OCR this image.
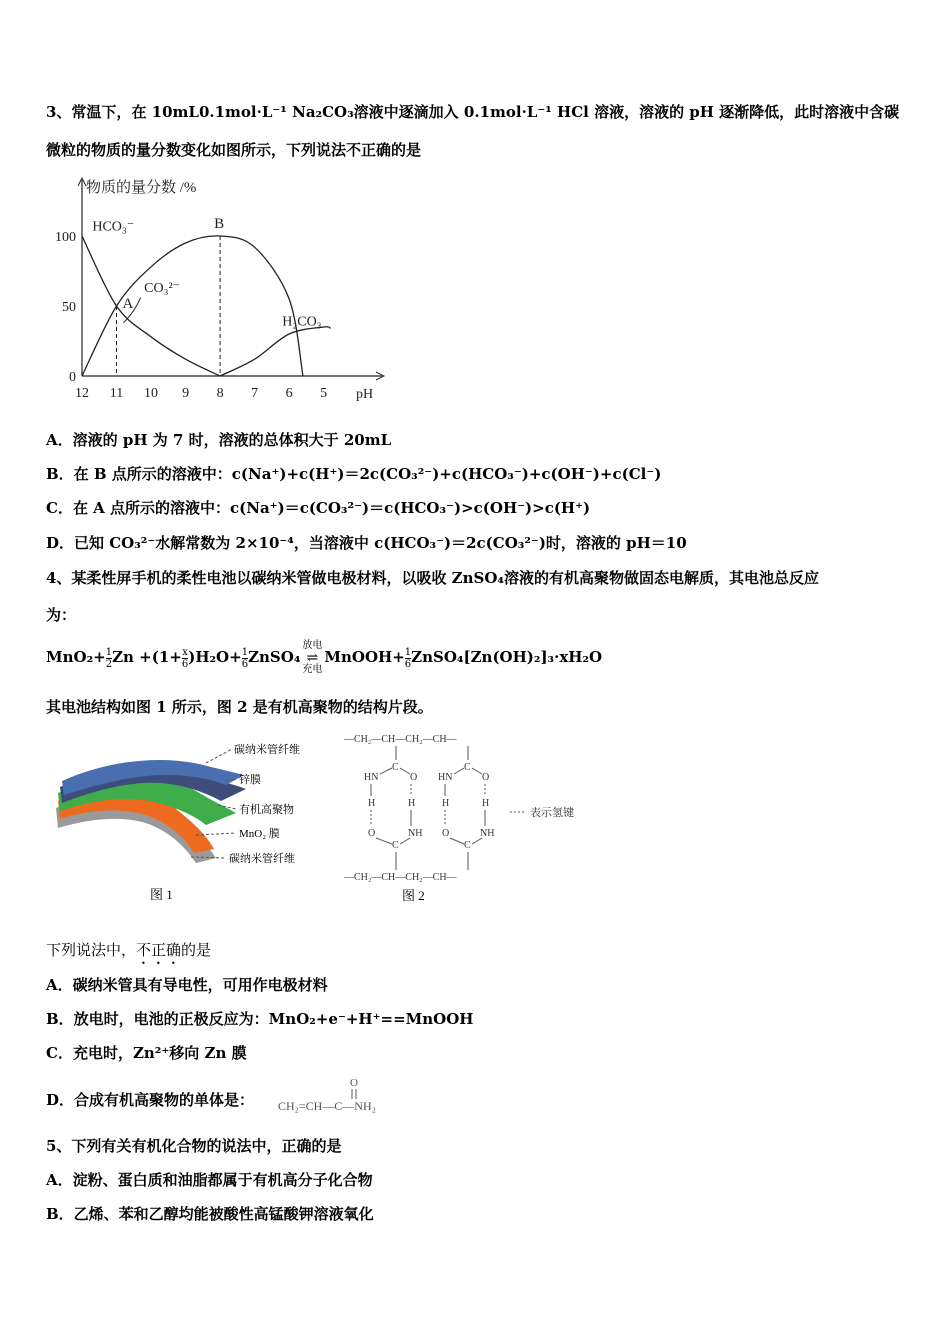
3、常温下，在 10mL0.1mol·L⁻¹ Na₂CO₃溶液中逐滴加入 0.1mol·L⁻¹ HCl 溶液，溶液的 pH 逐渐降低，此时溶液中含碳
微粒的物质的量分数变化如图所示，下列说法不正确的是
物质的量分数 /%
pH
12 11 10 9 8 7 6 5
0
50
100
CO₃²⁻
HCO₃⁻
H₂CO₃
A
B
A．溶液的 pH 为 7 时，溶液的总体积大于 20mL
B．在 B 点所示的溶液中：c(Na⁺)+c(H⁺)＝2c(CO₃²⁻)+c(HCO₃⁻)+c(OH⁻)+c(Cl⁻)
C．在 A 点所示的溶液中：c(Na⁺)＝c(CO₃²⁻)＝c(HCO₃⁻)>c(OH⁻)>c(H⁺)
D．已知 CO₃²⁻水解常数为 2×10⁻⁴，当溶液中 c(HCO₃⁻)＝2c(CO₃²⁻)时，溶液的 pH＝10
4、某柔性屏手机的柔性电池以碳纳米管做电极材料，以吸收 ZnSO₄溶液的有机高聚物做固态电解质，其电池总反应
为：
$MnO_2+ \frac{1}{2}$ $Zn +(1+ \frac{x}{6} )H_2O+ \frac{1}{6}$ ZnSO₄
放电
⇌
充电
MnOOH+ $\frac{1}{6}$ ZnSO₄[Zn(OH)₂]₃·xH₂O
其电池结构如图 1 所示，图 2 是有机高聚物的结构片段。
碳纳米管纤维
锌膜
有机高聚物
MnO₂ 膜
碳纳米管纤维
图 1
—CH₂—CH—CH₂—CH—
—CH₂—CH—CH₂—CH—
HN
C
O
H	H
O	NH
C
HN
C
O
H	H
O	NH
C
表示氢键
图 2
下列说法中，不正确的是
A．碳纳米管具有导电性，可用作电极材料
B．放电时，电池的正极反应为：MnO₂+e⁻+H⁺==MnOOH
C．充电时，Zn²⁺移向 Zn 膜
D．合成有机高聚物的单体是：
O
CH₂=CH—C—NH₂
5、下列有关有机化合物的说法中，正确的是
A．淀粉、蛋白质和油脂都属于有机高分子化合物
B．乙烯、苯和乙醇均能被酸性高锰酸钾溶液氧化
